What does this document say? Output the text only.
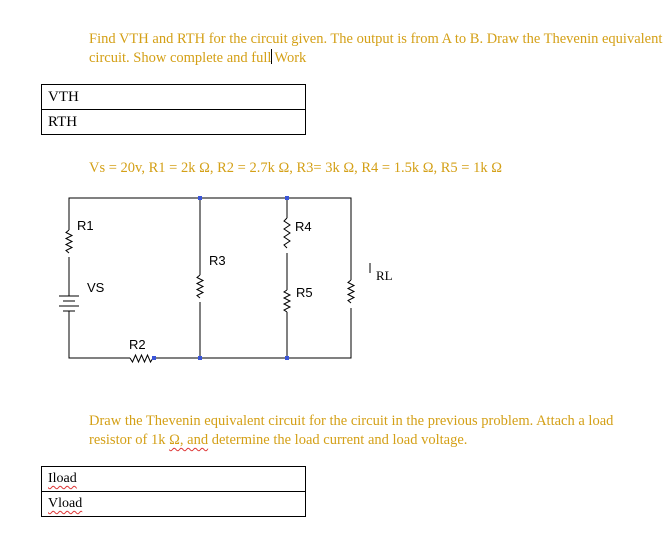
Find VTH and RTH for the circuit given. The output is from A to B. Draw the Thevenin equivalent circuit. Show complete and full Work
VTH
RTH
Vs = 20v, R1 = 2k Ω, R2 = 2.7k Ω, R3= 3k Ω, R4 = 1.5k Ω, R5 = 1k Ω
R1
VS
R3
R4
R5
R2
RL
Draw the Thevenin equivalent circuit for the circuit in the previous problem. Attach a load resistor of 1k Ω, and determine the load current and load voltage.
Iload
Vload
